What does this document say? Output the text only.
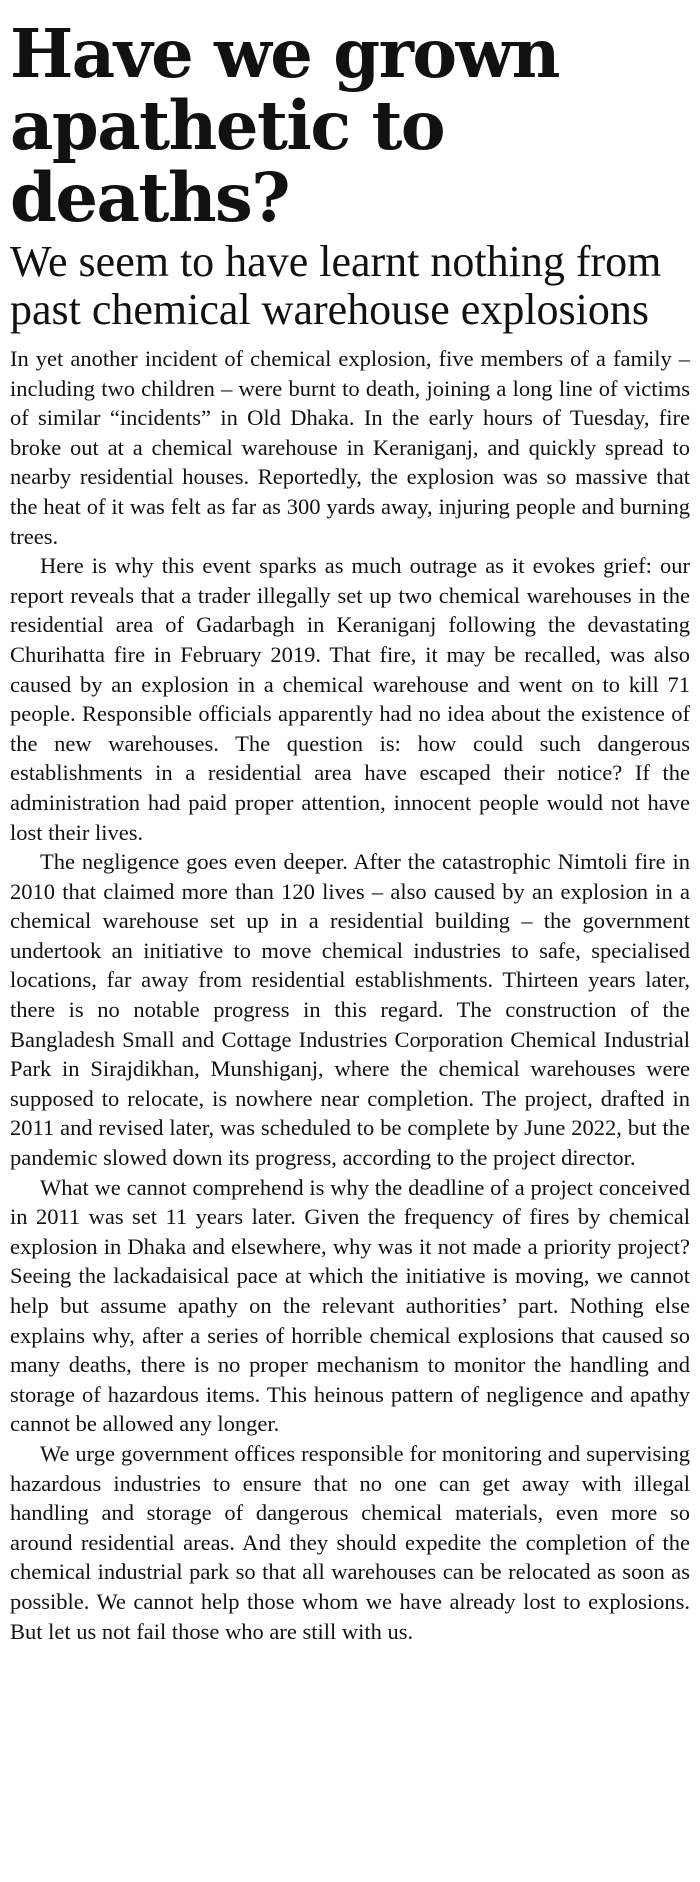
Have we grown apathetic to deaths?
We seem to have learnt nothing from past chemical warehouse explosions

In yet another incident of chemical explosion, five members of a family – including two children – were burnt to death, joining a long line of victims of similar “incidents” in Old Dhaka. In the early hours of Tuesday, fire broke out at a chemical warehouse in Keraniganj, and quickly spread to nearby residential houses. Reportedly, the explosion was so massive that the heat of it was felt as far as 300 yards away, injuring people and burning trees.

Here is why this event sparks as much outrage as it evokes grief: our report reveals that a trader illegally set up two chemical warehouses in the residential area of Gadarbagh in Keraniganj following the devastating Churihatta fire in February 2019. That fire, it may be recalled, was also caused by an explosion in a chemical warehouse and went on to kill 71 people. Responsible officials apparently had no idea about the existence of the new warehouses. The question is: how could such dangerous establishments in a residential area have escaped their notice? If the administration had paid proper attention, innocent people would not have lost their lives.

The negligence goes even deeper. After the catastrophic Nimtoli fire in 2010 that claimed more than 120 lives – also caused by an explosion in a chemical warehouse set up in a residential building – the government undertook an initiative to move chemical industries to safe, specialised locations, far away from residential establishments. Thirteen years later, there is no notable progress in this regard. The construction of the Bangladesh Small and Cottage Industries Corporation Chemical Industrial Park in Sirajdikhan, Munshiganj, where the chemical warehouses were supposed to relocate, is nowhere near completion. The project, drafted in 2011 and revised later, was scheduled to be complete by June 2022, but the pandemic slowed down its progress, according to the project director.

What we cannot comprehend is why the deadline of a project conceived in 2011 was set 11 years later. Given the frequency of fires by chemical explosion in Dhaka and elsewhere, why was it not made a priority project? Seeing the lackadaisical pace at which the initiative is moving, we cannot help but assume apathy on the relevant authorities’ part. Nothing else explains why, after a series of horrible chemical explosions that caused so many deaths, there is no proper mechanism to monitor the handling and storage of hazardous items. This heinous pattern of negligence and apathy cannot be allowed any longer.

We urge government offices responsible for monitoring and supervising hazardous industries to ensure that no one can get away with illegal handling and storage of dangerous chemical materials, even more so around residential areas. And they should expedite the completion of the chemical industrial park so that all warehouses can be relocated as soon as possible. We cannot help those whom we have already lost to explosions. But let us not fail those who are still with us.
